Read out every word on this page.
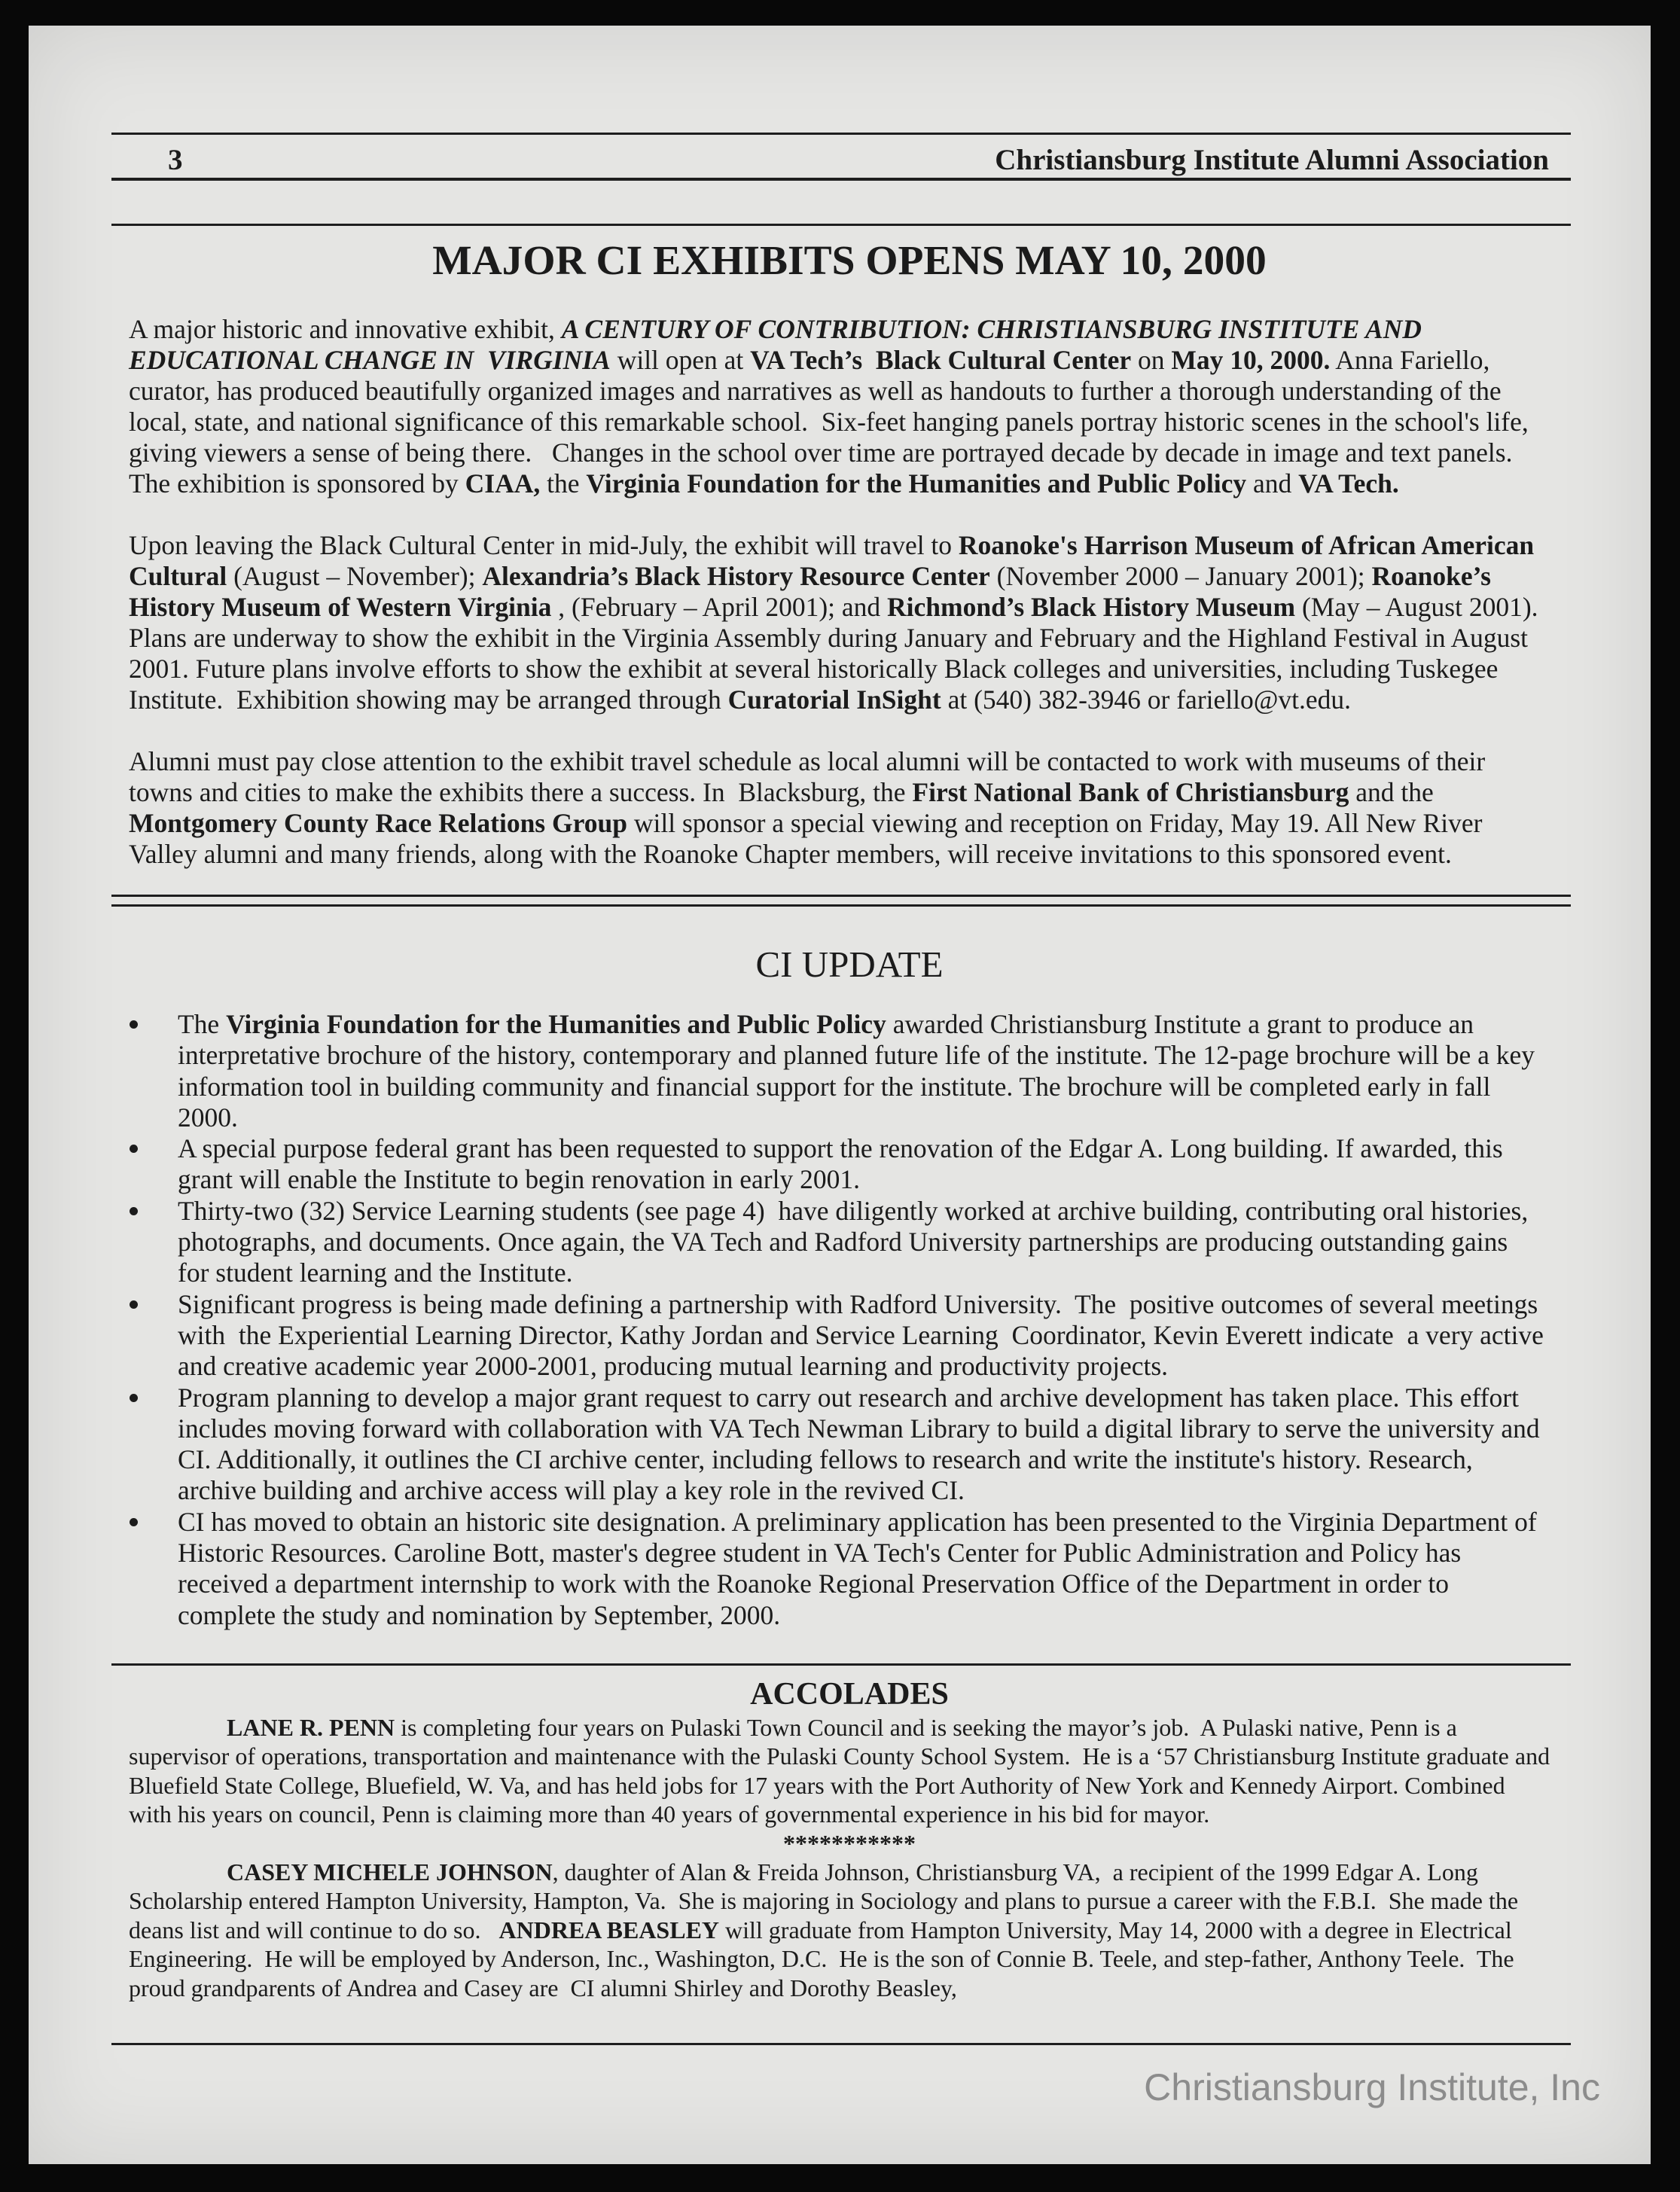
3	Christiansburg Institute Alumni Association
MAJOR CI EXHIBITS OPENS MAY 10, 2000
A major historic and innovative exhibit, A CENTURY OF CONTRIBUTION: CHRISTIANSBURG INSTITUTE AND
EDUCATIONAL CHANGE IN  VIRGINIA will open at VA Tech’s  Black Cultural Center on May 10, 2000. Anna Fariello,
curator, has produced beautifully organized images and narratives as well as handouts to further a thorough understanding of the
local, state, and national significance of this remarkable school.  Six-feet hanging panels portray historic scenes in the school's life,
giving viewers a sense of being there.   Changes in the school over time are portrayed decade by decade in image and text panels.
The exhibition is sponsored by CIAA, the Virginia Foundation for the Humanities and Public Policy and VA Tech.
Upon leaving the Black Cultural Center in mid-July, the exhibit will travel to Roanoke's Harrison Museum of African American
Cultural (August – November); Alexandria’s Black History Resource Center (November 2000 – January 2001); Roanoke’s
History Museum of Western Virginia , (February – April 2001); and Richmond’s Black History Museum (May – August 2001).
Plans are underway to show the exhibit in the Virginia Assembly during January and February and the Highland Festival in August
2001. Future plans involve efforts to show the exhibit at several historically Black colleges and universities, including Tuskegee
Institute.  Exhibition showing may be arranged through Curatorial InSight at (540) 382-3946 or fariello@vt.edu.
Alumni must pay close attention to the exhibit travel schedule as local alumni will be contacted to work with museums of their
towns and cities to make the exhibits there a success. In  Blacksburg, the First National Bank of Christiansburg and the
Montgomery County Race Relations Group will sponsor a special viewing and reception on Friday, May 19. All New River
Valley alumni and many friends, along with the Roanoke Chapter members, will receive invitations to this sponsored event.
CI UPDATE
The Virginia Foundation for the Humanities and Public Policy awarded Christiansburg Institute a grant to produce an
interpretative brochure of the history, contemporary and planned future life of the institute. The 12-page brochure will be a key
information tool in building community and financial support for the institute. The brochure will be completed early in fall
2000.
A special purpose federal grant has been requested to support the renovation of the Edgar A. Long building. If awarded, this
grant will enable the Institute to begin renovation in early 2001.
Thirty-two (32) Service Learning students (see page 4)  have diligently worked at archive building, contributing oral histories,
photographs, and documents. Once again, the VA Tech and Radford University partnerships are producing outstanding gains
for student learning and the Institute.
Significant progress is being made defining a partnership with Radford University.  The  positive outcomes of several meetings
with  the Experiential Learning Director, Kathy Jordan and Service Learning  Coordinator, Kevin Everett indicate  a very active
and creative academic year 2000-2001, producing mutual learning and productivity projects.
Program planning to develop a major grant request to carry out research and archive development has taken place. This effort
includes moving forward with collaboration with VA Tech Newman Library to build a digital library to serve the university and
CI. Additionally, it outlines the CI archive center, including fellows to research and write the institute's history. Research,
archive building and archive access will play a key role in the revived CI.
CI has moved to obtain an historic site designation. A preliminary application has been presented to the Virginia Department of
Historic Resources. Caroline Bott, master's degree student in VA Tech's Center for Public Administration and Policy has
received a department internship to work with the Roanoke Regional Preservation Office of the Department in order to
complete the study and nomination by September, 2000.
ACCOLADES
LANE R. PENN is completing four years on Pulaski Town Council and is seeking the mayor’s job.  A Pulaski native, Penn is a
supervisor of operations, transportation and maintenance with the Pulaski County School System.  He is a ‘57 Christiansburg Institute graduate and
Bluefield State College, Bluefield, W. Va, and has held jobs for 17 years with the Port Authority of New York and Kennedy Airport. Combined
with his years on council, Penn is claiming more than 40 years of governmental experience in his bid for mayor.
***********
CASEY MICHELE JOHNSON, daughter of Alan & Freida Johnson, Christiansburg VA,  a recipient of the 1999 Edgar A. Long
Scholarship entered Hampton University, Hampton, Va.  She is majoring in Sociology and plans to pursue a career with the F.B.I.  She made the
deans list and will continue to do so.   ANDREA BEASLEY will graduate from Hampton University, May 14, 2000 with a degree in Electrical
Engineering.  He will be employed by Anderson, Inc., Washington, D.C.  He is the son of Connie B. Teele, and step-father, Anthony Teele.  The
proud grandparents of Andrea and Casey are  CI alumni Shirley and Dorothy Beasley,
Christiansburg Institute, Inc
